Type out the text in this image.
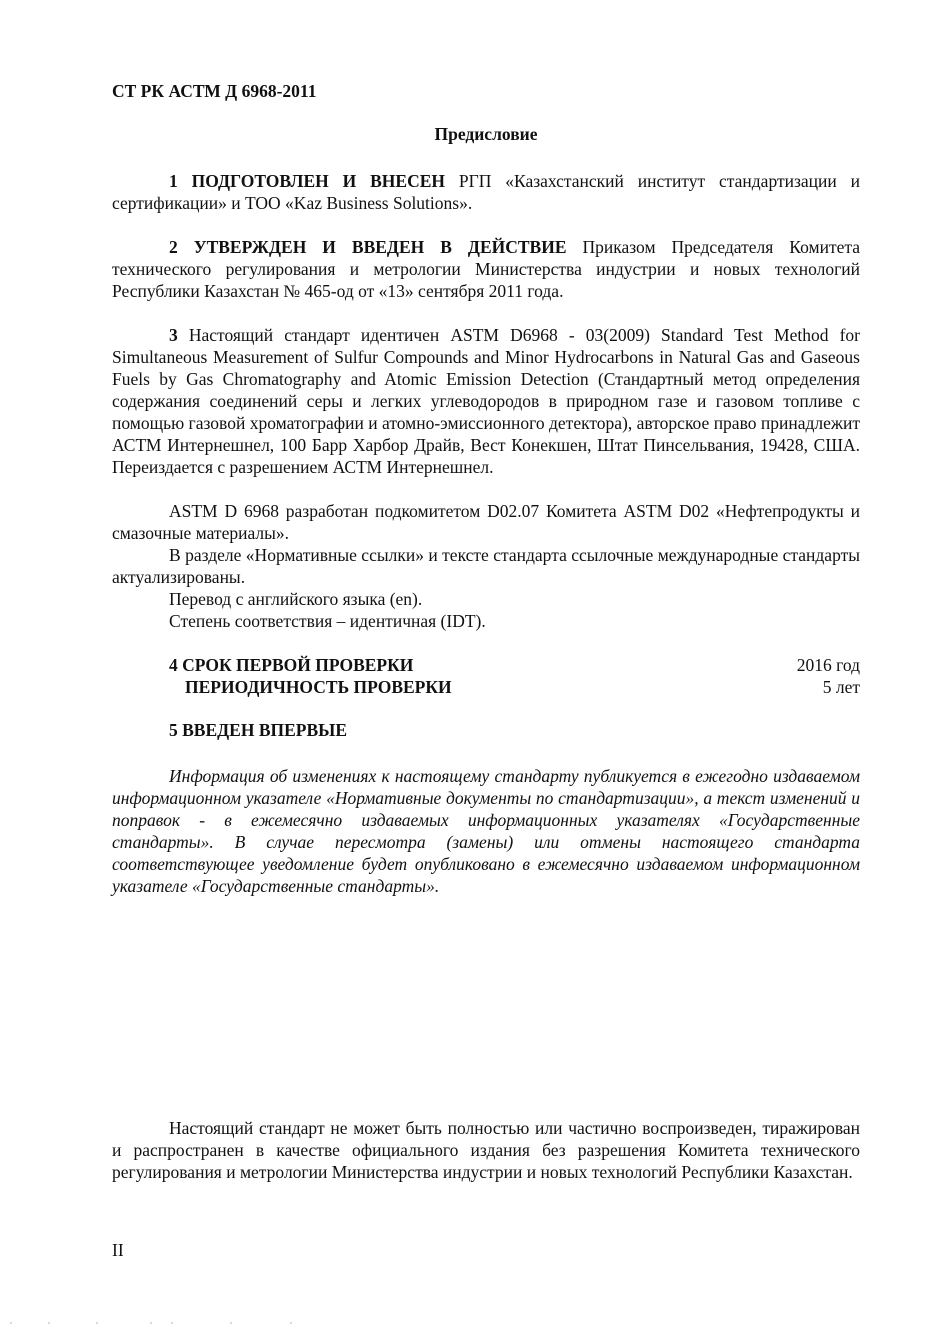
СТ РК АСТМ Д 6968-2011
Предисловие
1 ПОДГОТОВЛЕН И ВНЕСЕН РГП «Казахстанский институт стандартизации и сертификации» и ТОО «Kaz Business Solutions».
2 УТВЕРЖДЕН И ВВЕДЕН В ДЕЙСТВИЕ Приказом Председателя Комитета технического регулирования и метрологии Министерства индустрии и новых технологий Республики Казахстан № 465-од от «13» сентября 2011 года.
3 Настоящий стандарт идентичен ASTM D6968 - 03(2009) Standard Test Method for Simultaneous Measurement of Sulfur Compounds and Minor Hydrocarbons in Natural Gas and Gaseous Fuels by Gas Chromatography and Atomic Emission Detection (Стандартный метод определения содержания соединений серы и легких углеводородов в природном газе и газовом топливе с помощью газовой хроматографии и атомно-эмиссионного детектора), авторское право принадлежит АСТМ Интернешнел, 100 Барр Харбор Драйв, Вест Конекшен, Штат Пинсельвания, 19428, США. Переиздается с разрешением АСТМ Интернешнел.
ASTM D 6968 разработан подкомитетом D02.07 Комитета ASTM D02 «Нефтепродукты и смазочные материалы».
В разделе «Нормативные ссылки» и тексте стандарта ссылочные международные стандарты актуализированы.
Перевод с английского языка (en).
Степень соответствия – идентичная (IDT).
4 СРОК ПЕРВОЙ ПРОВЕРКИ	2016 год
ПЕРИОДИЧНОСТЬ ПРОВЕРКИ	5 лет
5 ВВЕДЕН ВПЕРВЫЕ
Информация об изменениях к настоящему стандарту публикуется в ежегодно издаваемом информационном указателе «Нормативные документы по стандартизации», а текст изменений и поправок - в ежемесячно издаваемых информационных указателях «Государственные стандарты». В случае пересмотра (замены) или отмены настоящего стандарта соответствующее уведомление будет опубликовано в ежемесячно издаваемом информационном указателе «Государственные стандарты».
Настоящий стандарт не может быть полностью или частично воспроизведен, тиражирован и распространен в качестве официального издания без разрешения Комитета технического регулирования и метрологии Министерства индустрии и новых технологий Республики Казахстан.
II
